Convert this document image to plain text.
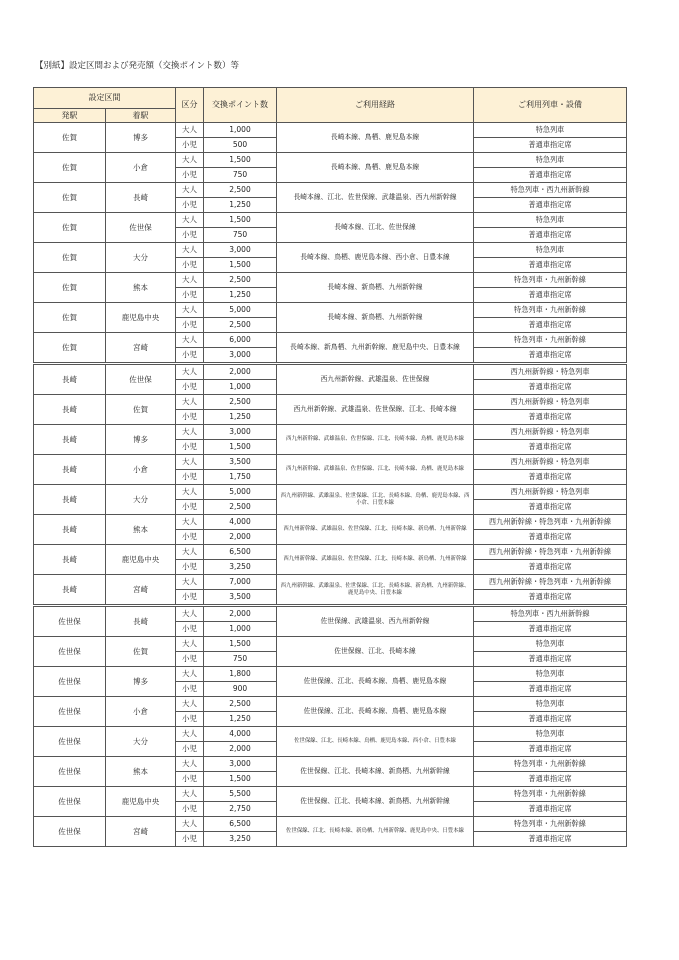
【別紙】設定区間および発売額（交換ポイント数）等
設定区間		区分	交換ポイント数	ご利用経路	ご利用列車・設備
発駅	着駅				
佐賀	博多	大人	1,000	長崎本線、鳥栖、鹿児島本線	特急列車
		小児	500		普通車指定席
佐賀	小倉	大人	1,500	長崎本線、鳥栖、鹿児島本線	特急列車
		小児	750		普通車指定席
佐賀	長崎	大人	2,500	長崎本線、江北、佐世保線、武雄温泉、西九州新幹線	特急列車・西九州新幹線
		小児	1,250		普通車指定席
佐賀	佐世保	大人	1,500	長崎本線、江北、佐世保線	特急列車
		小児	750		普通車指定席
佐賀	大分	大人	3,000	長崎本線、鳥栖、鹿児島本線、西小倉、日豊本線	特急列車
		小児	1,500		普通車指定席
佐賀	熊本	大人	2,500	長崎本線、新鳥栖、九州新幹線	特急列車・九州新幹線
		小児	1,250		普通車指定席
佐賀	鹿児島中央	大人	5,000	長崎本線、新鳥栖、九州新幹線	特急列車・九州新幹線
		小児	2,500		普通車指定席
佐賀	宮崎	大人	6,000	長崎本線、新鳥栖、九州新幹線、鹿児島中央、日豊本線	特急列車・九州新幹線
		小児	3,000		普通車指定席
長崎	佐世保	大人	2,000	西九州新幹線、武雄温泉、佐世保線	西九州新幹線・特急列車
		小児	1,000		普通車指定席
長崎	佐賀	大人	2,500	西九州新幹線、武雄温泉、佐世保線、江北、長崎本線	西九州新幹線・特急列車
		小児	1,250		普通車指定席
長崎	博多	大人	3,000	西九州新幹線、武雄温泉、佐世保線、江北、長崎本線、鳥栖、鹿児島本線	西九州新幹線・特急列車
		小児	1,500		普通車指定席
長崎	小倉	大人	3,500	西九州新幹線、武雄温泉、佐世保線、江北、長崎本線、鳥栖、鹿児島本線	西九州新幹線・特急列車
		小児	1,750		普通車指定席
長崎	大分	大人	5,000	西九州新幹線、武雄温泉、佐世保線、江北、長崎本線、鳥栖、鹿児島本線、西小倉、日豊本線	西九州新幹線・特急列車
		小児	2,500		普通車指定席
長崎	熊本	大人	4,000	西九州新幹線、武雄温泉、佐世保線、江北、長崎本線、新鳥栖、九州新幹線	西九州新幹線・特急列車・九州新幹線
		小児	2,000		普通車指定席
長崎	鹿児島中央	大人	6,500	西九州新幹線、武雄温泉、佐世保線、江北、長崎本線、新鳥栖、九州新幹線	西九州新幹線・特急列車・九州新幹線
		小児	3,250		普通車指定席
長崎	宮崎	大人	7,000	西九州新幹線、武雄温泉、佐世保線、江北、長崎本線、新鳥栖、九州新幹線、鹿児島中央、日豊本線	西九州新幹線・特急列車・九州新幹線
		小児	3,500		普通車指定席
佐世保	長崎	大人	2,000	佐世保線、武雄温泉、西九州新幹線	特急列車・西九州新幹線
		小児	1,000		普通車指定席
佐世保	佐賀	大人	1,500	佐世保線、江北、長崎本線	特急列車
		小児	750		普通車指定席
佐世保	博多	大人	1,800	佐世保線、江北、長崎本線、鳥栖、鹿児島本線	特急列車
		小児	900		普通車指定席
佐世保	小倉	大人	2,500	佐世保線、江北、長崎本線、鳥栖、鹿児島本線	特急列車
		小児	1,250		普通車指定席
佐世保	大分	大人	4,000	佐世保線、江北、長崎本線、鳥栖、鹿児島本線、西小倉、日豊本線	特急列車
		小児	2,000		普通車指定席
佐世保	熊本	大人	3,000	佐世保線、江北、長崎本線、新鳥栖、九州新幹線	特急列車・九州新幹線
		小児	1,500		普通車指定席
佐世保	鹿児島中央	大人	5,500	佐世保線、江北、長崎本線、新鳥栖、九州新幹線	特急列車・九州新幹線
		小児	2,750		普通車指定席
佐世保	宮崎	大人	6,500	佐世保線、江北、長崎本線、新鳥栖、九州新幹線、鹿児島中央、日豊本線	特急列車・九州新幹線
		小児	3,250		普通車指定席
